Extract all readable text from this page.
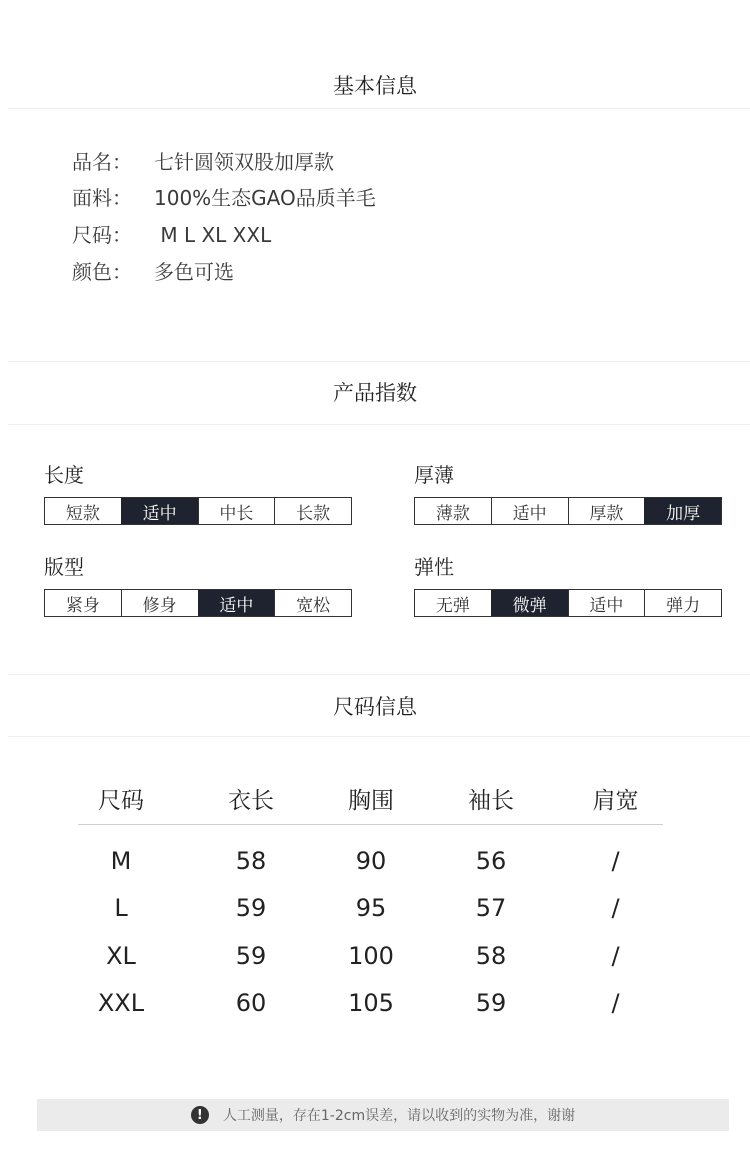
基本信息
品名： 七针圆领双股加厚款
面料： 100%生态GAO品质羊毛
尺码： M L XL XXL
颜色： 多色可选
产品指数
长度
短款	适中	中长	长款
厚薄
薄款	适中	厚款	加厚
版型
紧身	修身	适中	宽松
弹性
无弹	微弹	适中	弹力
尺码信息
尺码	衣长	胸围	袖长	肩宽
M	58	90	56	/
L	59	95	57	/
XL	59	100	58	/
XXL	60	105	59	/
!	人工测量，存在1-2cm误差，请以收到的实物为准，谢谢
